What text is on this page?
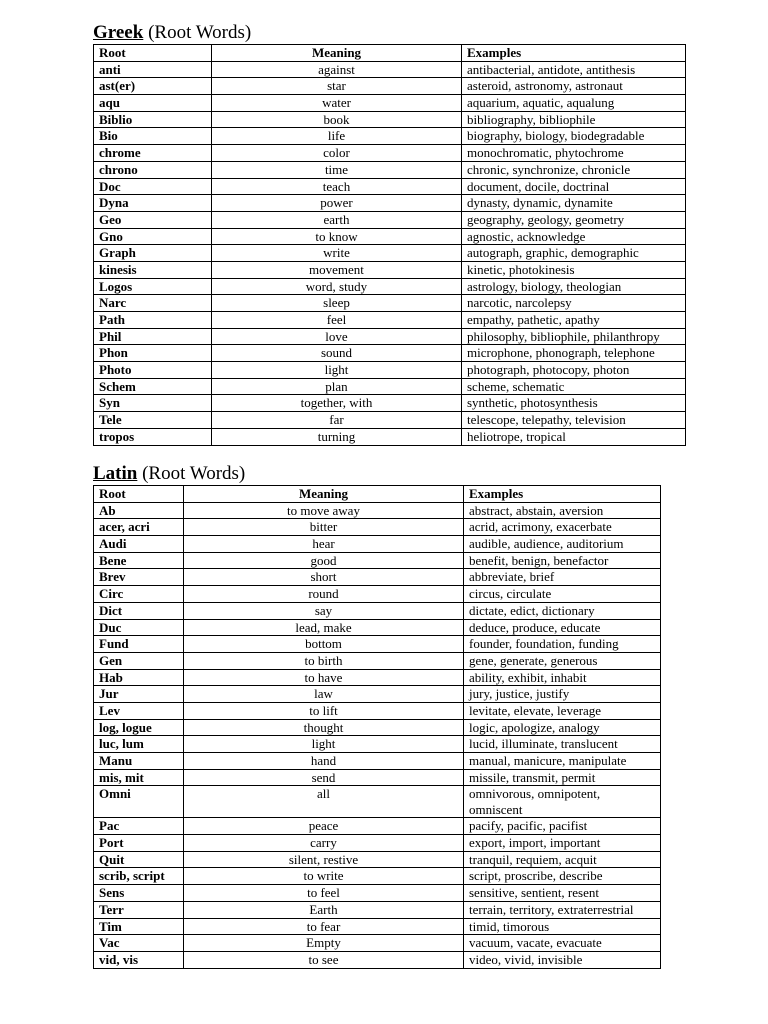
Greek (Root Words)
Root	Meaning	Examples
anti	against	antibacterial, antidote, antithesis
ast(er)	star	asteroid, astronomy, astronaut
aqu	water	aquarium, aquatic, aqualung
Biblio	book	bibliography, bibliophile
Bio	life	biography, biology, biodegradable
chrome	color	monochromatic, phytochrome
chrono	time	chronic, synchronize, chronicle
Doc	teach	document, docile, doctrinal
Dyna	power	dynasty, dynamic, dynamite
Geo	earth	geography, geology, geometry
Gno	to know	agnostic, acknowledge
Graph	write	autograph, graphic, demographic
kinesis	movement	kinetic, photokinesis
Logos	word, study	astrology, biology, theologian
Narc	sleep	narcotic, narcolepsy
Path	feel	empathy, pathetic, apathy
Phil	love	philosophy, bibliophile, philanthropy
Phon	sound	microphone, phonograph, telephone
Photo	light	photograph, photocopy, photon
Schem	plan	scheme, schematic
Syn	together, with	synthetic, photosynthesis
Tele	far	telescope, telepathy, television
tropos	turning	heliotrope, tropical
Latin (Root Words)
Root	Meaning	Examples
Ab	to move away	abstract, abstain, aversion
acer, acri	bitter	acrid, acrimony, exacerbate
Audi	hear	audible, audience, auditorium
Bene	good	benefit, benign, benefactor
Brev	short	abbreviate, brief
Circ	round	circus, circulate
Dict	say	dictate, edict, dictionary
Duc	lead, make	deduce, produce, educate
Fund	bottom	founder, foundation, funding
Gen	to birth	gene, generate, generous
Hab	to have	ability, exhibit, inhabit
Jur	law	jury, justice, justify
Lev	to lift	levitate, elevate, leverage
log, logue	thought	logic, apologize, analogy
luc, lum	light	lucid, illuminate, translucent
Manu	hand	manual, manicure, manipulate
mis, mit	send	missile, transmit, permit
Omni	all	omnivorous, omnipotent, omniscent
Pac	peace	pacify, pacific, pacifist
Port	carry	export, import, important
Quit	silent, restive	tranquil, requiem, acquit
scrib, script	to write	script, proscribe, describe
Sens	to feel	sensitive, sentient, resent
Terr	Earth	terrain, territory, extraterrestrial
Tim	to fear	timid, timorous
Vac	Empty	vacuum, vacate, evacuate
vid, vis	to see	video, vivid, invisible
